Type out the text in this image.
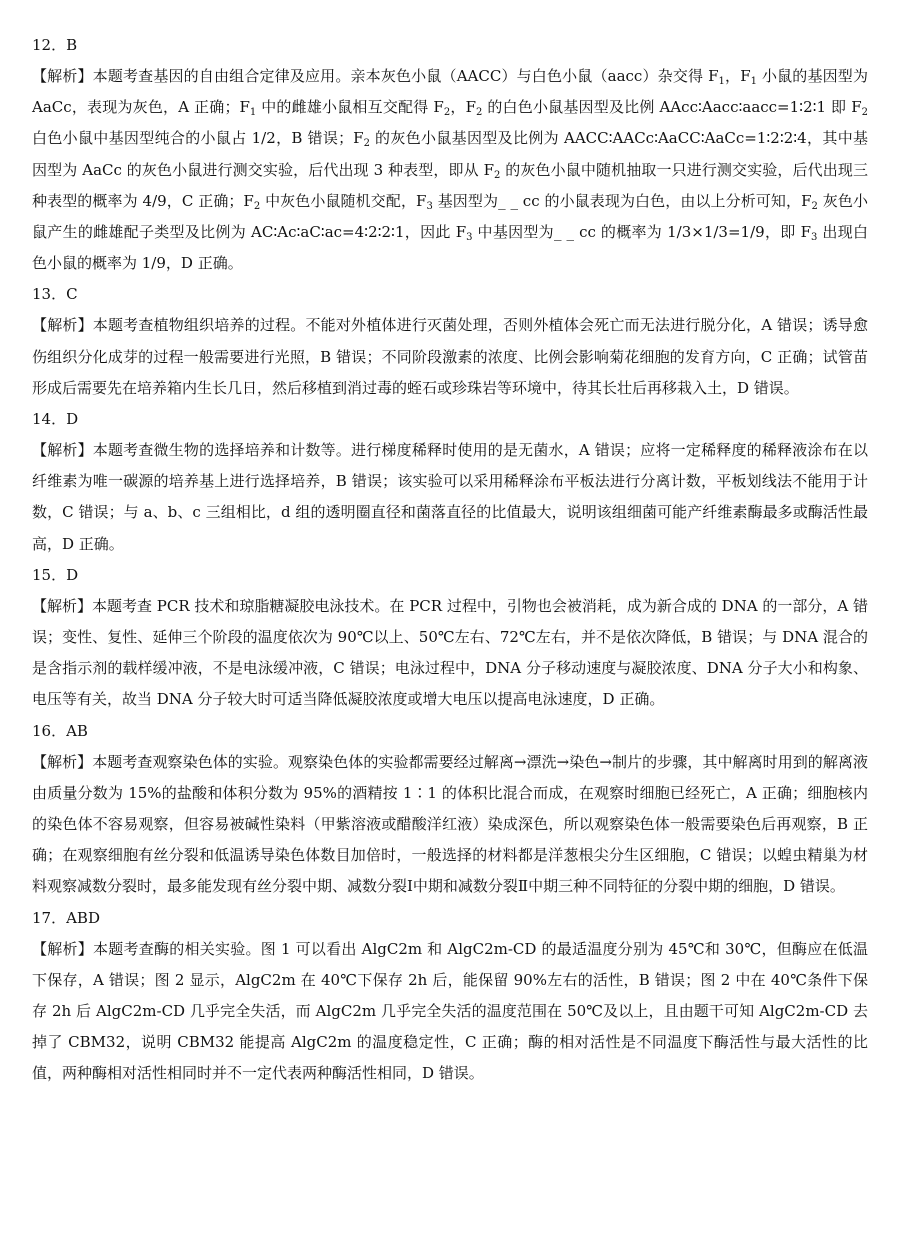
12．B
【解析】本题考查基因的自由组合定律及应用。亲本灰色小鼠（AACC）与白色小鼠（aacc）杂交得 $F_1$，$F_1$ 小鼠的基因型为 AaCc，表现为灰色，A 正确；$F_1$ 中的雌雄小鼠相互交配得 $F_2$，$F_2$ 的白色小鼠基因型及比例 AAcc∶Aacc∶aacc=1∶2∶1 即 $F_2$ 白色小鼠中基因型纯合的小鼠占 1/2，B 错误；$F_2$ 的灰色小鼠基因型及比例为 AACC∶AACc∶AaCC∶AaCc=1∶2∶2∶4，其中基因型为 AaCc 的灰色小鼠进行测交实验，后代出现 3 种表型，即从 $F_2$ 的灰色小鼠中随机抽取一只进行测交实验，后代出现三种表型的概率为 4/9，C 正确；$F_2$ 中灰色小鼠随机交配，$F_3$ 基因型为_ _ cc 的小鼠表现为白色，由以上分析可知，$F_2$ 灰色小鼠产生的雌雄配子类型及比例为 AC∶Ac∶aC∶ac=4∶2∶2∶1，因此 $F_3$ 中基因型为_ _ cc 的概率为 1/3×1/3=1/9，即 $F_3$ 出现白色小鼠的概率为 1/9，D 正确。
13．C
【解析】本题考查植物组织培养的过程。不能对外植体进行灭菌处理，否则外植体会死亡而无法进行脱分化，A 错误；诱导愈伤组织分化成芽的过程一般需要进行光照，B 错误；不同阶段激素的浓度、比例会影响菊花细胞的发育方向，C 正确；试管苗形成后需要先在培养箱内生长几日，然后移植到消过毒的蛭石或珍珠岩等环境中，待其长壮后再移栽入土，D 错误。
14．D
【解析】本题考查微生物的选择培养和计数等。进行梯度稀释时使用的是无菌水，A 错误；应将一定稀释度的稀释液涂布在以纤维素为唯一碳源的培养基上进行选择培养，B 错误；该实验可以采用稀释涂布平板法进行分离计数，平板划线法不能用于计数，C 错误；与 a、b、c 三组相比，d 组的透明圈直径和菌落直径的比值最大，说明该组细菌可能产纤维素酶最多或酶活性最高，D 正确。
15．D
【解析】本题考查 PCR 技术和琼脂糖凝胶电泳技术。在 PCR 过程中，引物也会被消耗，成为新合成的 DNA 的一部分，A 错误；变性、复性、延伸三个阶段的温度依次为 90℃以上、50℃左右、72℃左右，并不是依次降低，B 错误；与 DNA 混合的是含指示剂的载样缓冲液，不是电泳缓冲液，C 错误；电泳过程中，DNA 分子移动速度与凝胶浓度、DNA 分子大小和构象、电压等有关，故当 DNA 分子较大时可适当降低凝胶浓度或增大电压以提高电泳速度，D 正确。
16．AB
【解析】本题考查观察染色体的实验。观察染色体的实验都需要经过解离→漂洗→染色→制片的步骤，其中解离时用到的解离液由质量分数为 15%的盐酸和体积分数为 95%的酒精按 1∶1 的体积比混合而成，在观察时细胞已经死亡，A 正确；细胞核内的染色体不容易观察，但容易被碱性染料（甲紫溶液或醋酸洋红液）染成深色，所以观察染色体一般需要染色后再观察，B 正确；在观察细胞有丝分裂和低温诱导染色体数目加倍时，一般选择的材料都是洋葱根尖分生区细胞，C 错误；以蝗虫精巢为材料观察减数分裂时，最多能发现有丝分裂中期、减数分裂Ⅰ中期和减数分裂Ⅱ中期三种不同特征的分裂中期的细胞，D 错误。
17．ABD
【解析】本题考查酶的相关实验。图 1 可以看出 AlgC2m 和 AlgC2m-CD 的最适温度分别为 45℃和 30℃，但酶应在低温下保存，A 错误；图 2 显示，AlgC2m 在 40℃下保存 2h 后，能保留 90%左右的活性，B 错误；图 2 中在 40℃条件下保存 2h 后 AlgC2m-CD 几乎完全失活，而 AlgC2m 几乎完全失活的温度范围在 50℃及以上，且由题干可知 AlgC2m-CD 去掉了 CBM32，说明 CBM32 能提高 AlgC2m 的温度稳定性，C 正确；酶的相对活性是不同温度下酶活性与最大活性的比值，两种酶相对活性相同时并不一定代表两种酶活性相同，D 错误。
